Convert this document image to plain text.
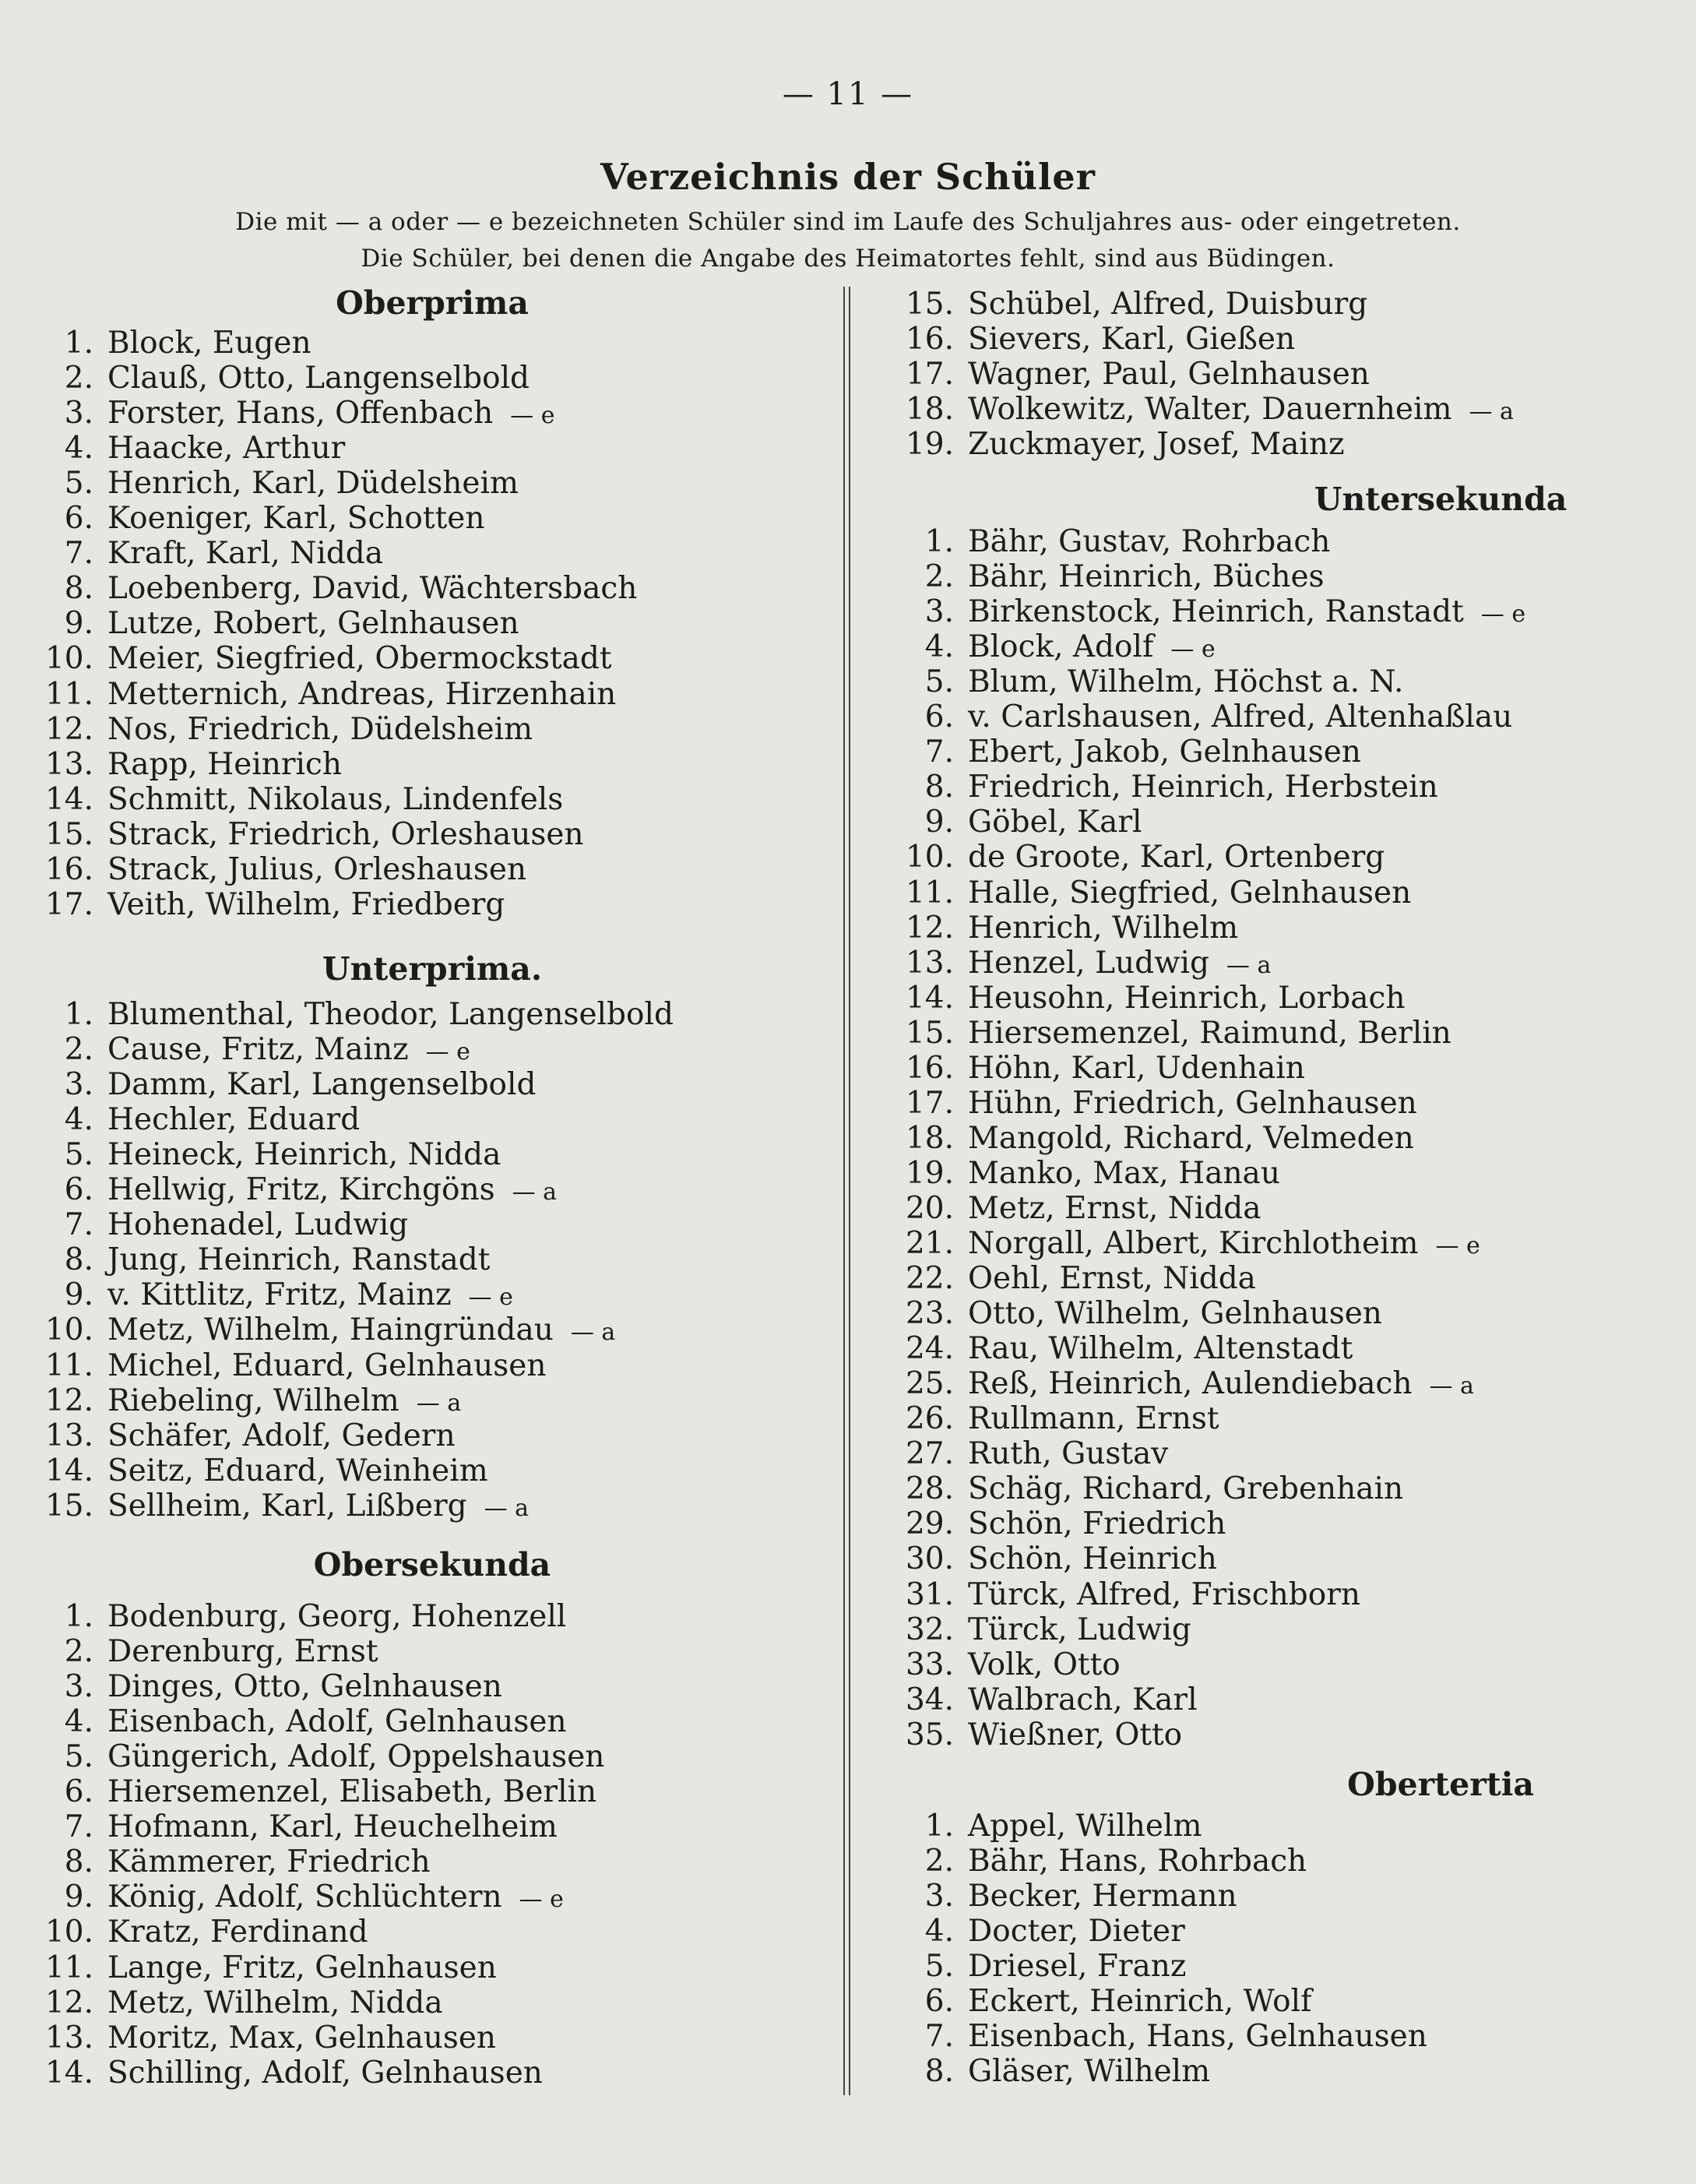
— 11 —
Verzeichnis der Schüler
Die mit — a oder — e bezeichneten Schüler sind im Laufe des Schuljahres aus- oder eingetreten.
Die Schüler, bei denen die Angabe des Heimatortes fehlt, sind aus Büdingen.
Oberprima
1. Block, Eugen
2. Clauß, Otto, Langenselbold
3. Forster, Hans, Offenbach — e
4. Haacke, Arthur
5. Henrich, Karl, Düdelsheim
6. Koeniger, Karl, Schotten
7. Kraft, Karl, Nidda
8. Loebenberg, David, Wächtersbach
9. Lutze, Robert, Gelnhausen
10. Meier, Siegfried, Obermockstadt
11. Metternich, Andreas, Hirzenhain
12. Nos, Friedrich, Düdelsheim
13. Rapp, Heinrich
14. Schmitt, Nikolaus, Lindenfels
15. Strack, Friedrich, Orleshausen
16. Strack, Julius, Orleshausen
17. Veith, Wilhelm, Friedberg
Unterprima.
1. Blumenthal, Theodor, Langenselbold
2. Cause, Fritz, Mainz — e
3. Damm, Karl, Langenselbold
4. Hechler, Eduard
5. Heineck, Heinrich, Nidda
6. Hellwig, Fritz, Kirchgöns — a
7. Hohenadel, Ludwig
8. Jung, Heinrich, Ranstadt
9. v. Kittlitz, Fritz, Mainz — e
10. Metz, Wilhelm, Haingründau — a
11. Michel, Eduard, Gelnhausen
12. Riebeling, Wilhelm — a
13. Schäfer, Adolf, Gedern
14. Seitz, Eduard, Weinheim
15. Sellheim, Karl, Lißberg — a
Obersekunda
1. Bodenburg, Georg, Hohenzell
2. Derenburg, Ernst
3. Dinges, Otto, Gelnhausen
4. Eisenbach, Adolf, Gelnhausen
5. Güngerich, Adolf, Oppelshausen
6. Hiersemenzel, Elisabeth, Berlin
7. Hofmann, Karl, Heuchelheim
8. Kämmerer, Friedrich
9. König, Adolf, Schlüchtern — e
10. Kratz, Ferdinand
11. Lange, Fritz, Gelnhausen
12. Metz, Wilhelm, Nidda
13. Moritz, Max, Gelnhausen
14. Schilling, Adolf, Gelnhausen
15. Schübel, Alfred, Duisburg
16. Sievers, Karl, Gießen
17. Wagner, Paul, Gelnhausen
18. Wolkewitz, Walter, Dauernheim — a
19. Zuckmayer, Josef, Mainz
Untersekunda
1. Bähr, Gustav, Rohrbach
2. Bähr, Heinrich, Büches
3. Birkenstock, Heinrich, Ranstadt — e
4. Block, Adolf — e
5. Blum, Wilhelm, Höchst a. N.
6. v. Carlshausen, Alfred, Altenhaßlau
7. Ebert, Jakob, Gelnhausen
8. Friedrich, Heinrich, Herbstein
9. Göbel, Karl
10. de Groote, Karl, Ortenberg
11. Halle, Siegfried, Gelnhausen
12. Henrich, Wilhelm
13. Henzel, Ludwig — a
14. Heusohn, Heinrich, Lorbach
15. Hiersemenzel, Raimund, Berlin
16. Höhn, Karl, Udenhain
17. Hühn, Friedrich, Gelnhausen
18. Mangold, Richard, Velmeden
19. Manko, Max, Hanau
20. Metz, Ernst, Nidda
21. Norgall, Albert, Kirchlotheim — e
22. Oehl, Ernst, Nidda
23. Otto, Wilhelm, Gelnhausen
24. Rau, Wilhelm, Altenstadt
25. Reß, Heinrich, Aulendiebach — a
26. Rullmann, Ernst
27. Ruth, Gustav
28. Schäg, Richard, Grebenhain
29. Schön, Friedrich
30. Schön, Heinrich
31. Türck, Alfred, Frischborn
32. Türck, Ludwig
33. Volk, Otto
34. Walbrach, Karl
35. Wießner, Otto
Obertertia
1. Appel, Wilhelm
2. Bähr, Hans, Rohrbach
3. Becker, Hermann
4. Docter, Dieter
5. Driesel, Franz
6. Eckert, Heinrich, Wolf
7. Eisenbach, Hans, Gelnhausen
8. Gläser, Wilhelm
